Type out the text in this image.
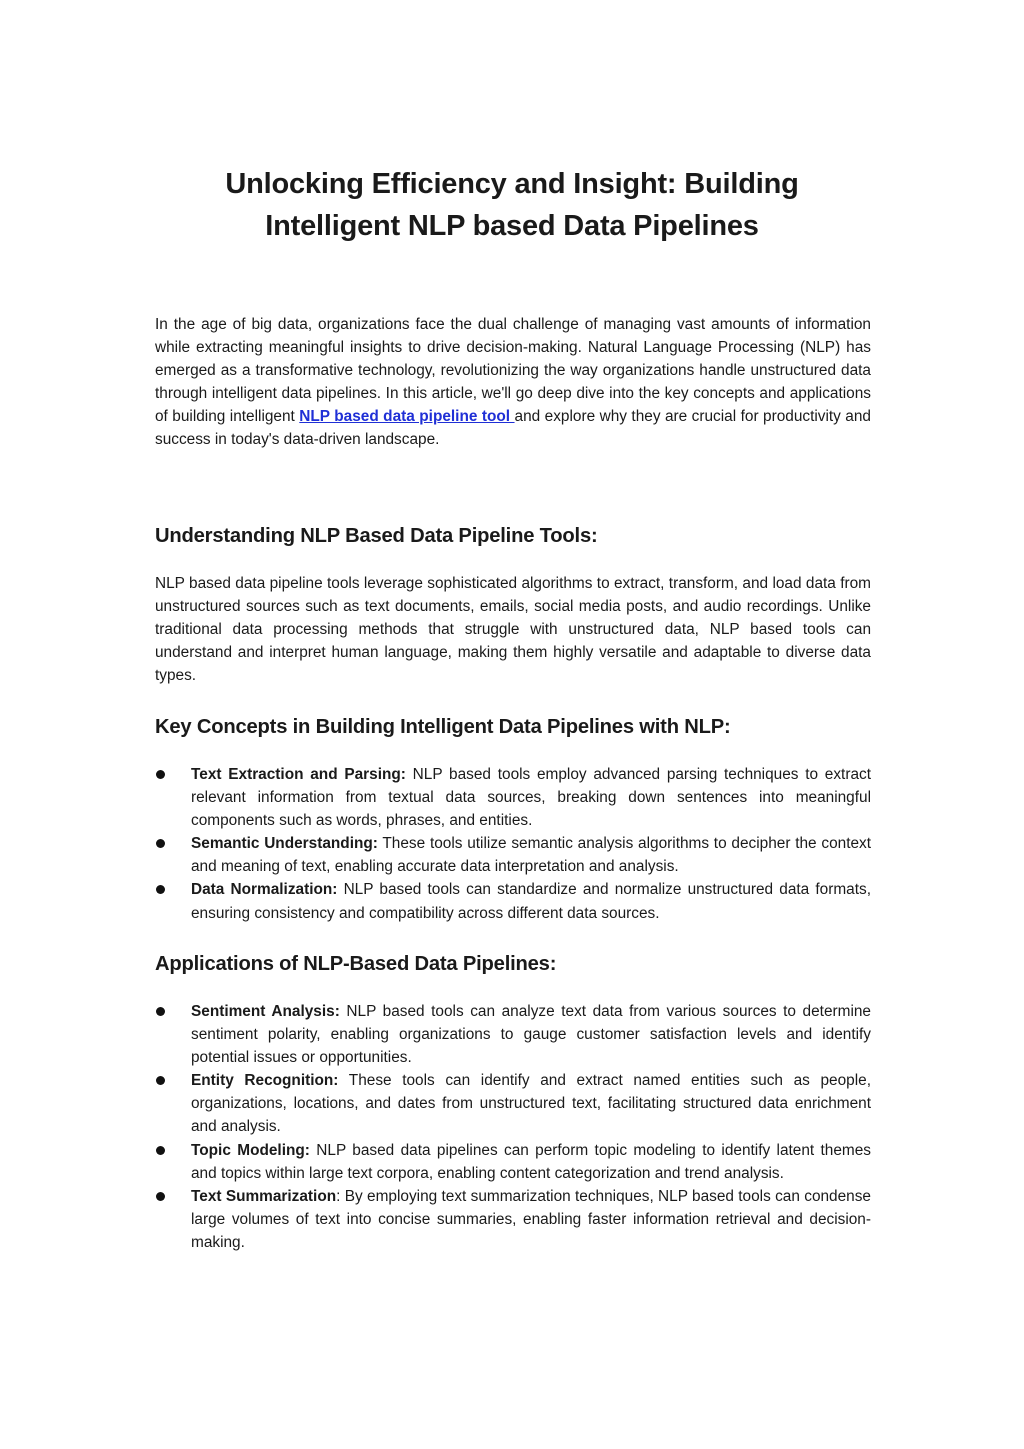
Unlocking Efficiency and Insight: Building
Intelligent NLP based Data Pipelines

In the age of big data, organizations face the dual challenge of managing vast amounts of information while extracting meaningful insights to drive decision-making. Natural Language Processing (NLP) has emerged as a transformative technology, revolutionizing the way organizations handle unstructured data through intelligent data pipelines. In this article, we'll go deep dive into the key concepts and applications of building intelligent NLP based data pipeline tool and explore why they are crucial for productivity and success in today's data-driven landscape.

Understanding NLP Based Data Pipeline Tools:

NLP based data pipeline tools leverage sophisticated algorithms to extract, transform, and load data from unstructured sources such as text documents, emails, social media posts, and audio recordings. Unlike traditional data processing methods that struggle with unstructured data, NLP based tools can understand and interpret human language, making them highly versatile and adaptable to diverse data types.

Key Concepts in Building Intelligent Data Pipelines with NLP:
Text Extraction and Parsing: NLP based tools employ advanced parsing techniques to extract relevant information from textual data sources, breaking down sentences into meaningful components such as words, phrases, and entities.
Semantic Understanding: These tools utilize semantic analysis algorithms to decipher the context and meaning of text, enabling accurate data interpretation and analysis.
Data Normalization: NLP based tools can standardize and normalize unstructured data formats, ensuring consistency and compatibility across different data sources.
Applications of NLP-Based Data Pipelines:
Sentiment Analysis: NLP based tools can analyze text data from various sources to determine sentiment polarity, enabling organizations to gauge customer satisfaction levels and identify potential issues or opportunities.
Entity Recognition: These tools can identify and extract named entities such as people, organizations, locations, and dates from unstructured text, facilitating structured data enrichment and analysis.
Topic Modeling: NLP based data pipelines can perform topic modeling to identify latent themes and topics within large text corpora, enabling content categorization and trend analysis.
Text Summarization: By employing text summarization techniques, NLP based tools can condense large volumes of text into concise summaries, enabling faster information retrieval and decision-making.
